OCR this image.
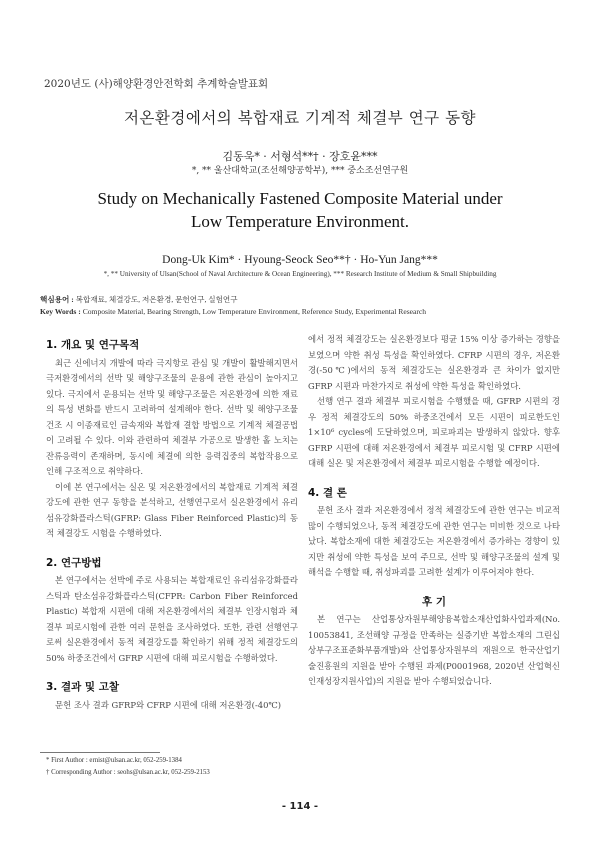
2020년도 (사)해양환경안전학회 추계학술발표회
저온환경에서의 복합재료 기계적 체결부 연구 동향
김동욱* · 서형석**† · 장호윤***
*, ** 울산대학교(조선해양공학부), *** 중소조선연구원
Study on Mechanically Fastened Composite Material under
Low Temperature Environment.
Dong-Uk Kim* · Hyoung-Seock Seo**† · Ho-Yun Jang***
*, ** University of Ulsan(School of Naval Architecture & Ocean Engineering), *** Research Institute of Medium & Small Shipbuilding
핵심용어 : 복합재료, 체결강도, 저온환경, 문헌연구, 실험연구
Key Words : Composite Material, Bearing Strength, Low Temperature Environment, Reference Study, Experimental Research
1. 개요 및 연구목적

최근 신에너지 개발에 따라 극지항로 관심 및 개발이 활발해지면서 극저환경에서의 선박 및 해양구조물의 운용에 관한 관심이 높아지고 있다. 극지에서 운용되는 선박 및 해양구조물은 저온환경에 의한 재료의 특성 변화를 반드시 고려하여 설계해야 한다. 선박 및 해양구조물 건조 시 이종재료인 금속재와 복합재 결합 방법으로 기계적 체결공법이 고려될 수 있다. 이와 관련하여 체결부 가공으로 발생한 홀 노치는 잔류응력이 존재하며, 동시에 체결에 의한 응력집중의 복합작용으로 인해 구조적으로 취약하다.

이에 본 연구에서는 실온 및 저온환경에서의 복합재료 기계적 체결강도에 관한 연구 동향을 분석하고, 선행연구로서 실온환경에서 유리섬유강화플라스틱(GFRP: Glass Fiber Reinforced Plastic)의 동적 체결강도 시험을 수행하였다.

2. 연구방법

본 연구에서는 선박에 주로 사용되는 복합재료인 유리섬유강화플라스틱과 탄소섬유강화플라스틱(CFPR: Carbon Fiber Reinforced Plastic) 복합재 시편에 대해 저온환경에서의 체결부 인장시험과 체결부 피로시험에 관한 여러 문헌을 조사하였다. 또한, 관련 선행연구로써 실온환경에서 동적 체결강도를 확인하기 위해 정적 체결강도의 50% 하중조건에서 GFRP 시편에 대해 피로시험을 수행하였다.

3. 결과 및 고찰

문헌 조사 결과 GFRP와 CFRP 시편에 대해 저온환경(-40℃)

에서 정적 체결강도는 실온환경보다 평균 15% 이상 증가하는 경향을 보였으며 약한 취성 특성을 확인하였다. CFRP 시편의 경우, 저온환경(-50℃)에서의 동적 체결강도는 실온환경과 큰 차이가 없지만 GFRP 시편과 마찬가지로 취성에 약한 특성을 확인하였다.

선행 연구 결과 체결부 피로시험을 수행했을 때, GFRP 시편의 경우 정적 체결강도의 50% 하중조건에서 모든 시편이 피로한도인 1×10⁶ cycles에 도달하였으며, 피로파괴는 발생하지 않았다. 향후 GFRP 시편에 대해 저온환경에서 체결부 피로시험 및 CFRP 시편에 대해 실온 및 저온환경에서 체결부 피로시험을 수행할 예정이다.

4. 결 론

문헌 조사 결과 저온환경에서 정적 체결강도에 관한 연구는 비교적 많이 수행되었으나, 동적 체결강도에 관한 연구는 미비한 것으로 나타났다. 복합소재에 대한 체결강도는 저온환경에서 증가하는 경향이 있지만 취성에 약한 특성을 보여 주므로, 선박 및 해양구조물의 설계 및 해석을 수행할 때, 취성파괴를 고려한 설계가 이루어져야 한다.

후 기

본 연구는 산업통상자원부해양융복합소재산업화사업과제(No. 10053841, 조선해양 규정을 만족하는 실증기반 복합소재의 그린십 상부구조표준화부품개발)와 산업통상자원부의 재원으로 한국산업기술진흥원의 지원을 받아 수행된 과제(P0001968, 2020년 산업혁신인재성장지원사업)의 지원을 받아 수행되었습니다.

* First Author : ernist@ulsan.ac.kr, 052-259-1384
† Corresponding Author : seohs@ulsan.ac.kr, 052-259-2153
- 114 -
